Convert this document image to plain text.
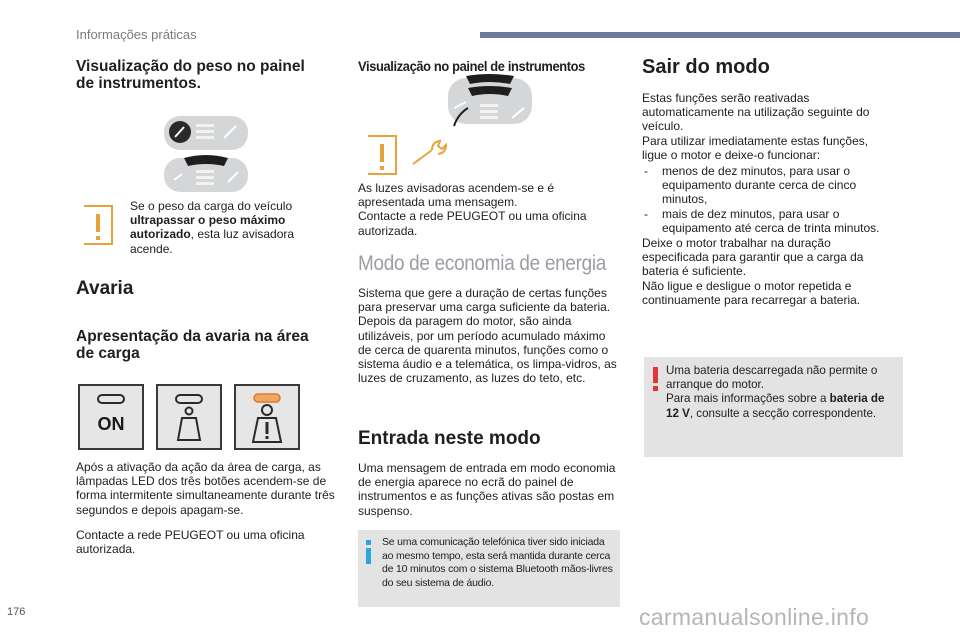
Informações práticas
Visualização do peso no painel de instrumentos.
Se o peso da carga do veículo ultrapassar o peso máximo autorizado, esta luz avisadora acende.
Avaria
Apresentação da avaria na área de carga
ON
Após a ativação da ação da área de carga, as lâmpadas LED dos três botões acendem-se de forma intermitente simultaneamente durante três segundos e depois apagam-se.
Contacte a rede PEUGEOT ou uma oficina autorizada.
Visualização no painel de instrumentos
As luzes avisadoras acendem-se e é apresentada uma mensagem.
Contacte a rede PEUGEOT ou uma oficina autorizada.
Modo de economia de energia
Sistema que gere a duração de certas funções para preservar uma carga suficiente da bateria. Depois da paragem do motor, são ainda utilizáveis, por um período acumulado máximo de cerca de quarenta minutos, funções como o sistema áudio e a telemática, os limpa-vidros, as luzes de cruzamento, as luzes do teto, etc.
Entrada neste modo
Uma mensagem de entrada em modo economia de energia aparece no ecrã do painel de instrumentos e as funções ativas são postas em suspenso.
Se uma comunicação telefónica tiver sido iniciada ao mesmo tempo, esta será mantida durante cerca de 10 minutos com o sistema Bluetooth mãos-livres do seu sistema de áudio.
Sair do modo
Estas funções serão reativadas automaticamente na utilização seguinte do veículo.
Para utilizar imediatamente estas funções, ligue o motor e deixe-o funcionar:
-	menos de dez minutos, para usar o equipamento durante cerca de cinco minutos,
-	mais de dez minutos, para usar o equipamento até cerca de trinta minutos.
Deixe o motor trabalhar na duração especificada para garantir que a carga da bateria é suficiente.
Não ligue e desligue o motor repetida e continuamente para recarregar a bateria.
Uma bateria descarregada não permite o arranque do motor.
Para mais informações sobre a bateria de 12 V, consulte a secção correspondente.
176	carmanualsonline.info
